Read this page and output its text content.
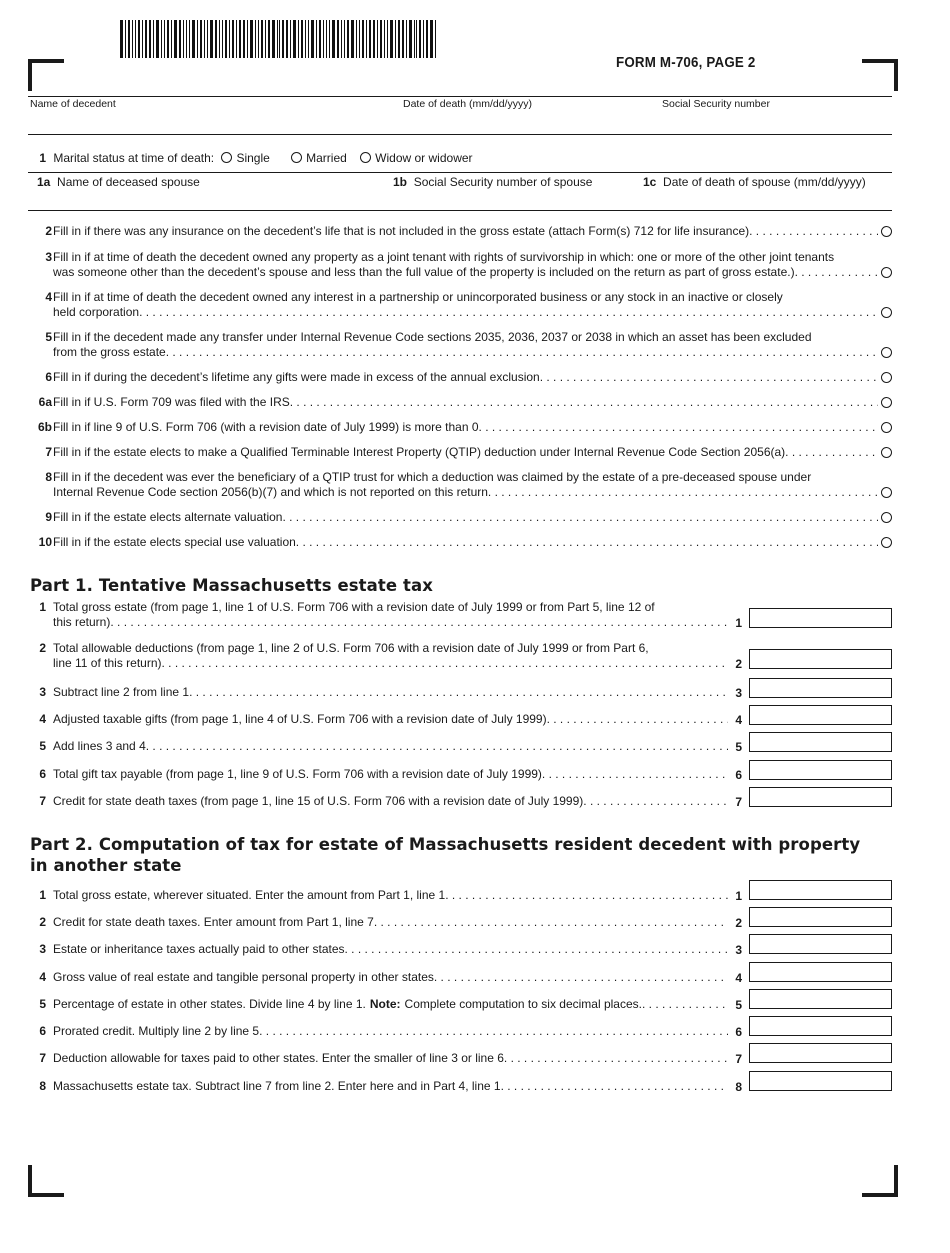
FORM M-706, PAGE 2
Name of decedent	Date of death (mm/dd/yyyy)	Social Security number
1 Marital status at time of death: Single	Married Widow or widower
1a Name of deceased spouse	1b Social Security number of spouse	1c Date of death of spouse (mm/dd/yyyy)
2 Fill in if there was any insurance on the decedent’s life that is not included in the gross estate (attach Form(s) 712 for life insurance)
. . .
3 Fill in if at time of death the decedent owned any property as a joint tenant with rights of survivorship in which: one or more of the other joint tenants
was someone other than the decedent’s spouse and less than the full value of the property is included on the return as part of gross estate.)
. . .
4 Fill in if at time of death the decedent owned any interest in a partnership or unincorporated business or any stock in an inactive or closely
held corporation
. . .
5 Fill in if the decedent made any transfer under Internal Revenue Code sections 2035, 2036, 2037 or 2038 in which an asset has been excluded
from the gross estate
. . .
6 Fill in if during the decedent’s lifetime any gifts were made in excess of the annual exclusion
. . .
6a Fill in if U.S. Form 709 was filed with the IRS
. . .
6b Fill in if line 9 of U.S. Form 706 (with a revision date of July 1999) is more than 0
. . .
7 Fill in if the estate elects to make a Qualified Terminable Interest Property (QTIP) deduction under Internal Revenue Code Section 2056(a)
. . .
8 Fill in if the decedent was ever the beneficiary of a QTIP trust for which a deduction was claimed by the estate of a pre-deceased spouse under
Internal Revenue Code section 2056(b)(7) and which is not reported on this return
. . .
9 Fill in if the estate elects alternate valuation
. . .
10 Fill in if the estate elects special use valuation
. . .
Part 1. Tentative Massachusetts estate tax
1 Total gross estate (from page 1, line 1 of U.S. Form 706 with a revision date of July 1999 or from Part 5, line 12 of
this return) . . .	1
2 Total allowable deductions (from page 1, line 2 of U.S. Form 706 with a revision date of July 1999 or from Part 6,
line 11 of this return) . . .	2
3 Subtract line 2 from line 1 . . .	3
4 Adjusted taxable gifts (from page 1, line 4 of U.S. Form 706 with a revision date of July 1999) . . .	4
5 Add lines 3 and 4 . . .	5
6 Total gift tax payable (from page 1, line 9 of U.S. Form 706 with a revision date of July 1999) . . .	6
7 Credit for state death taxes (from page 1, line 15 of U.S. Form 706 with a revision date of July 1999) . . .	7
Part 2. Computation of tax for estate of Massachusetts resident decedent with property
in another state
1 Total gross estate, wherever situated. Enter the amount from Part 1, line 1 . . .	1
2 Credit for state death taxes. Enter amount from Part 1, line 7 . . .	2
3 Estate or inheritance taxes actually paid to other states . . .	3
4 Gross value of real estate and tangible personal property in other states . . .	4
5 Percentage of estate in other states. Divide line 4 by line 1. Note: Complete computation to six decimal places. . . .	5
6 Prorated credit. Multiply line 2 by line 5 . . .	6
7 Deduction allowable for taxes paid to other states. Enter the smaller of line 3 or line 6 . . .	7
8 Massachusetts estate tax. Subtract line 7 from line 2. Enter here and in Part 4, line 1 . . .	8
